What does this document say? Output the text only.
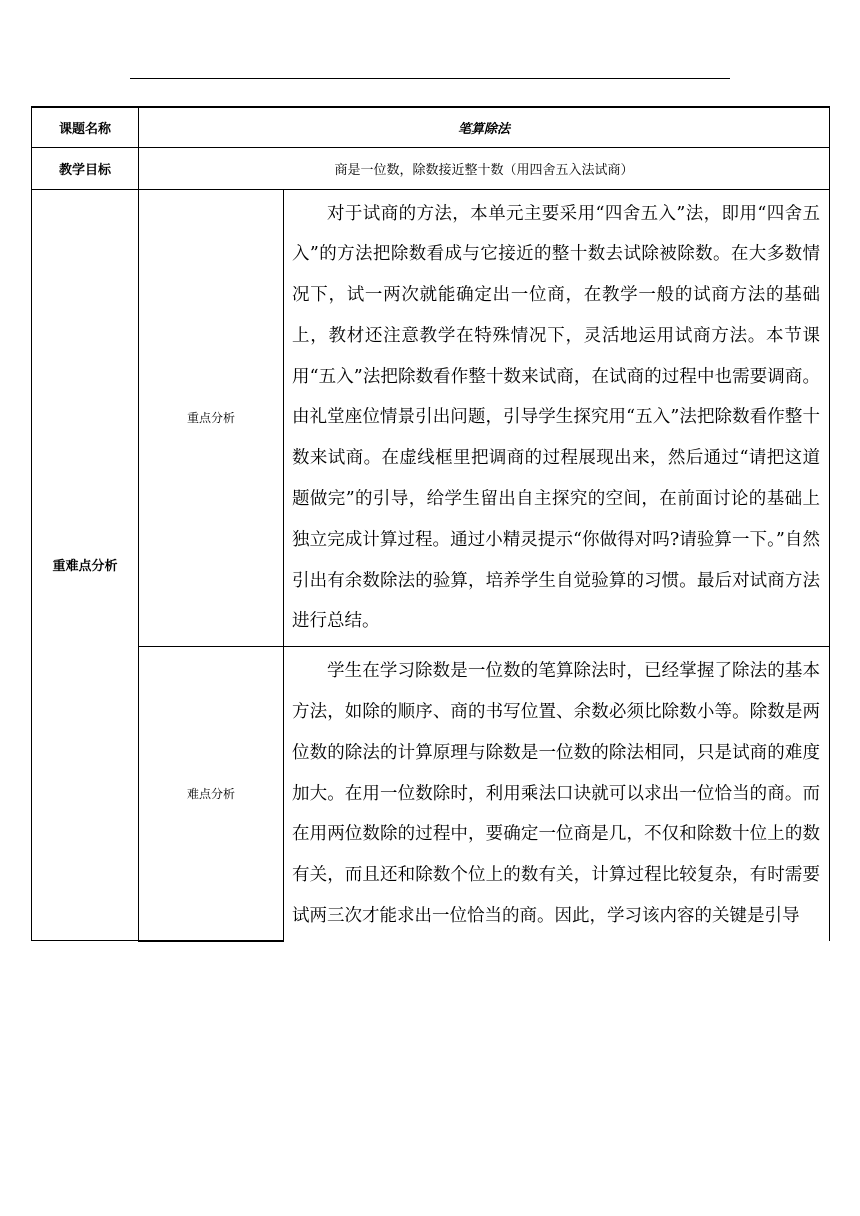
课题名称	笔算除法	
教学目标	商是一位数，除数接近整十数（用四舍五入法试商）	
重难点分析	重点分析	对于试商的方法，本单元主要采用“四舍五入”法，即用“四舍五入”的方法把除数看成与它接近的整十数去试除被除数。在大多数情况下，试一两次就能确定出一位商，在教学一般的试商方法的基础上，教材还注意教学在特殊情况下，灵活地运用试商方法。本节课用“五入”法把除数看作整十数来试商，在试商的过程中也需要调商。由礼堂座位情景引出问题，引导学生探究用“五入”法把除数看作整十数来试商。在虚线框里把调商的过程展现出来，然后通过“请把这道题做完”的引导，给学生留出自主探究的空间，在前面讨论的基础上独立完成计算过程。通过小精灵提示“你做得对吗?请验算一下。”自然引出有余数除法的验算，培养学生自觉验算的习惯。最后对试商方法进行总结。

	难点分析	学生在学习除数是一位数的笔算除法时，已经掌握了除法的基本方法，如除的顺序、商的书写位置、余数必须比除数小等。除数是两位数的除法的计算原理与除数是一位数的除法相同，只是试商的难度加大。在用一位数除时，利用乘法口诀就可以求出一位恰当的商。而在用两位数除的过程中，要确定一位商是几，不仅和除数十位上的数有关，而且还和除数个位上的数有关，计算过程比较复杂，有时需要试两三次才能求出一位恰当的商。因此，学习该内容的关键是引导
